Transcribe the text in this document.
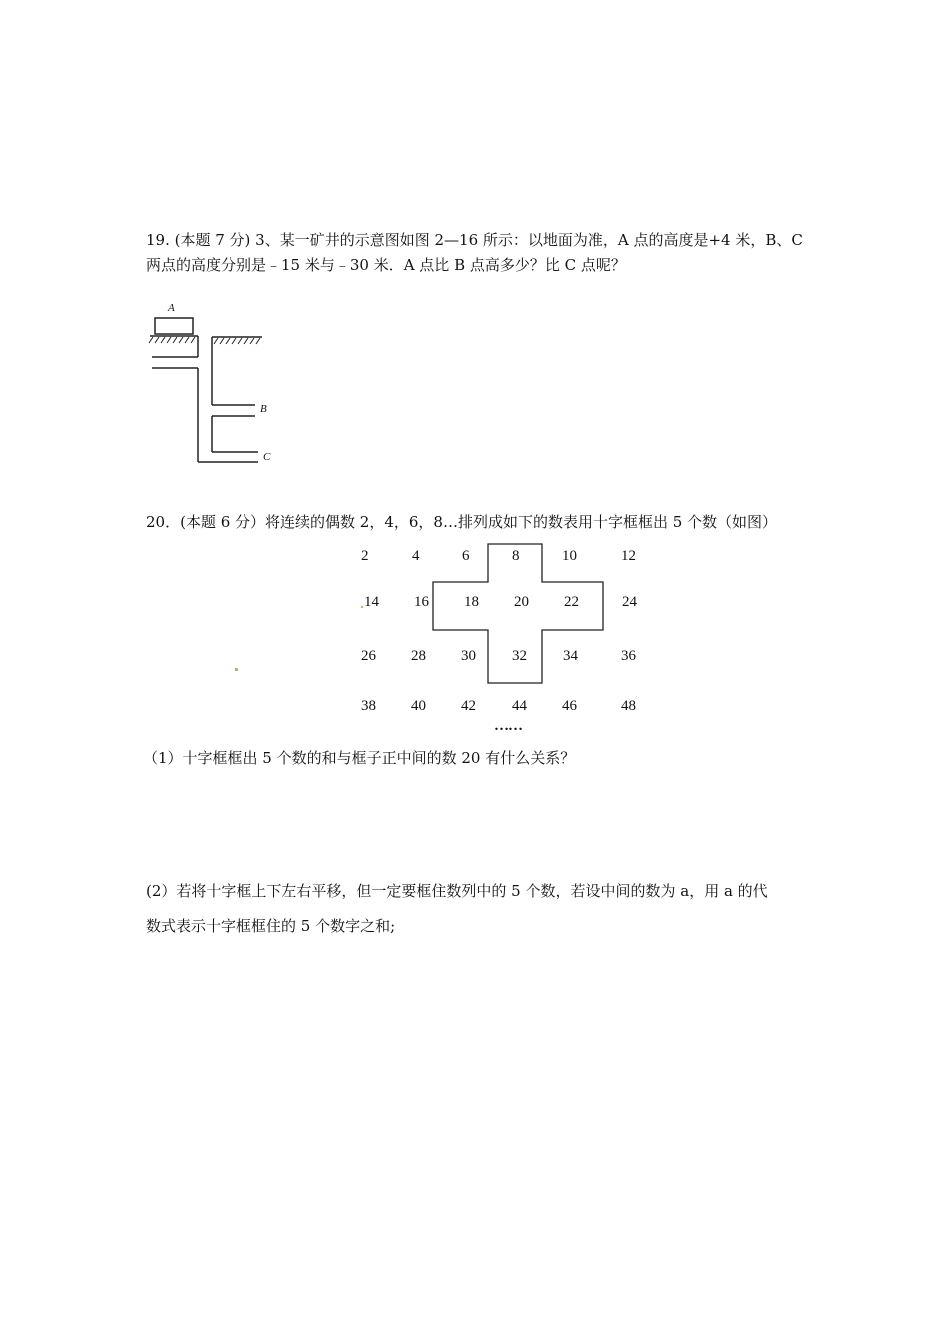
19. (本题 7 分) 3、某一矿井的示意图如图 2—16 所示：以地面为准，A 点的高度是+4 米，B、C
两点的高度分别是﹣15 米与﹣30 米．A 点比 B 点高多少？比 C 点呢？
A
B
C
20．(本题 6 分）将连续的偶数 2，4，6，8…排列成如下的数表用十字框框出 5 个数（如图）
2	4	6	8	10	12
14 16 18 20 22	24
26 28 30 32 34	36
38 40 42 44 46	48
……
（1）十字框框出 5 个数的和与框子正中间的数 20 有什么关系？
(2）若将十字框上下左右平移，但一定要框住数列中的 5 个数，若设中间的数为 a，用 a 的代
数式表示十字框框住的 5 个数字之和;
